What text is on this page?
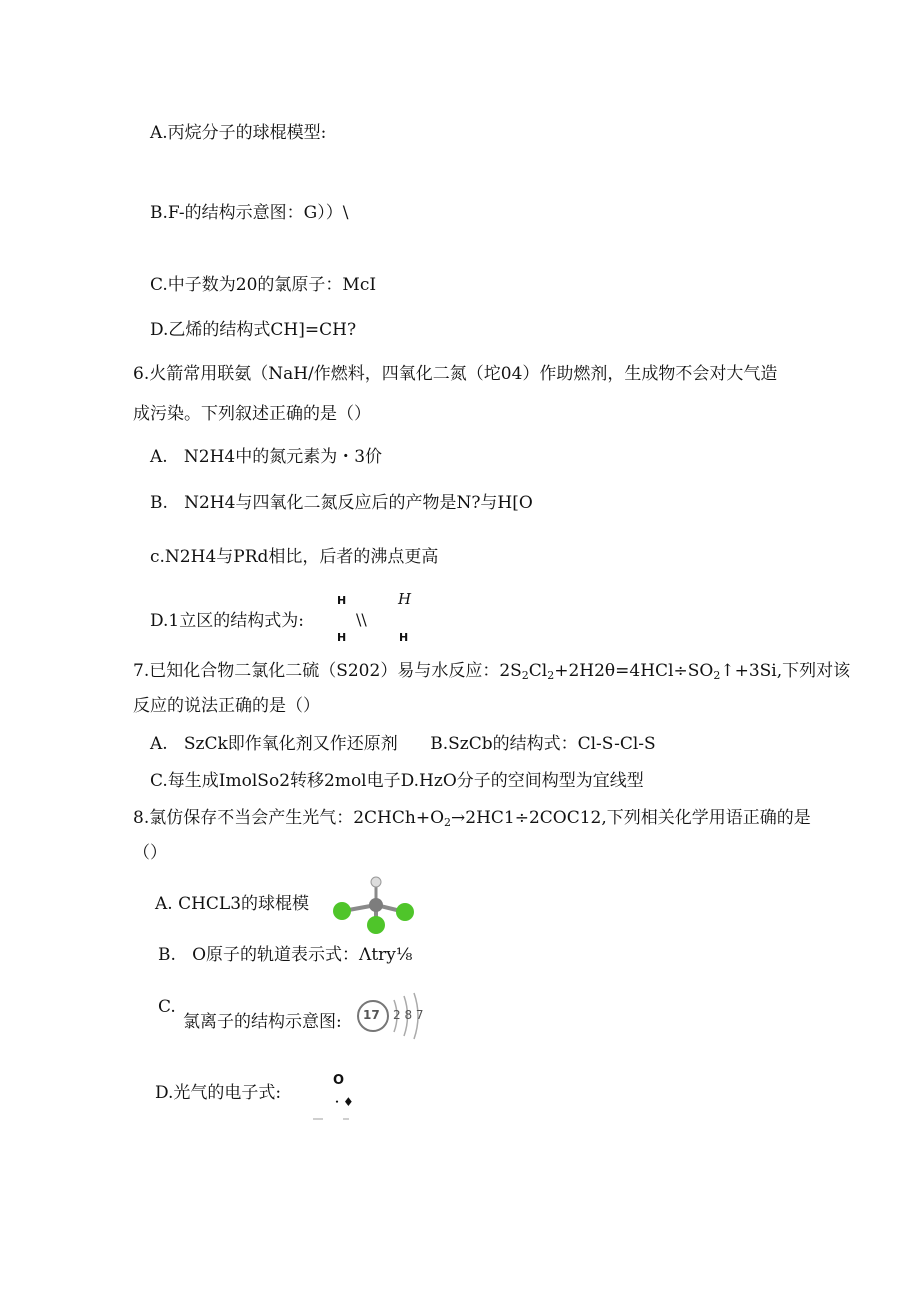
A.丙烷分子的球棍模型:
B.F-的结构示意图：G））\
C.中子数为20的氯原子：McI
D.乙烯的结构式CH]=CH?
6.火箭常用联氨（NaH/作燃料，四氧化二氮（坨04）作助燃剂，生成物不会对大气造
成污染。下列叙述正确的是（）
A.   N2H4中的氮元素为・3价
B.   N2H4与四氧化二氮反应后的产物是N?与H[O
c.N2H4与PRd相比，后者的沸点更高
D.1立区的结构式为:
H	H
\\
H	H
7.已知化合物二氯化二硫（S202）易与水反应：$2S_2Cl_2+2H2\theta=4HCl\div SO_2↑+3Si$,下列对该
反应的说法正确的是（）
A.   SzCk即作氧化剂又作还原剂      B.SzCb的结构式：Cl-S-Cl-S
C.每生成ImolSo2转移2mol电子D.HzO分子的空间构型为宜线型
8.氯仿保存不当会产生光气：$2CHCh+O_2\to 2HC1\div 2COC12$,下列相关化学用语正确的是
（）
A. CHCL3的球棍模
B.   O原子的轨道表示式：Λtry⅛
C.
氯离子的结构示意图: 17 2 8 7
D.光气的电子式:
O
・♦
